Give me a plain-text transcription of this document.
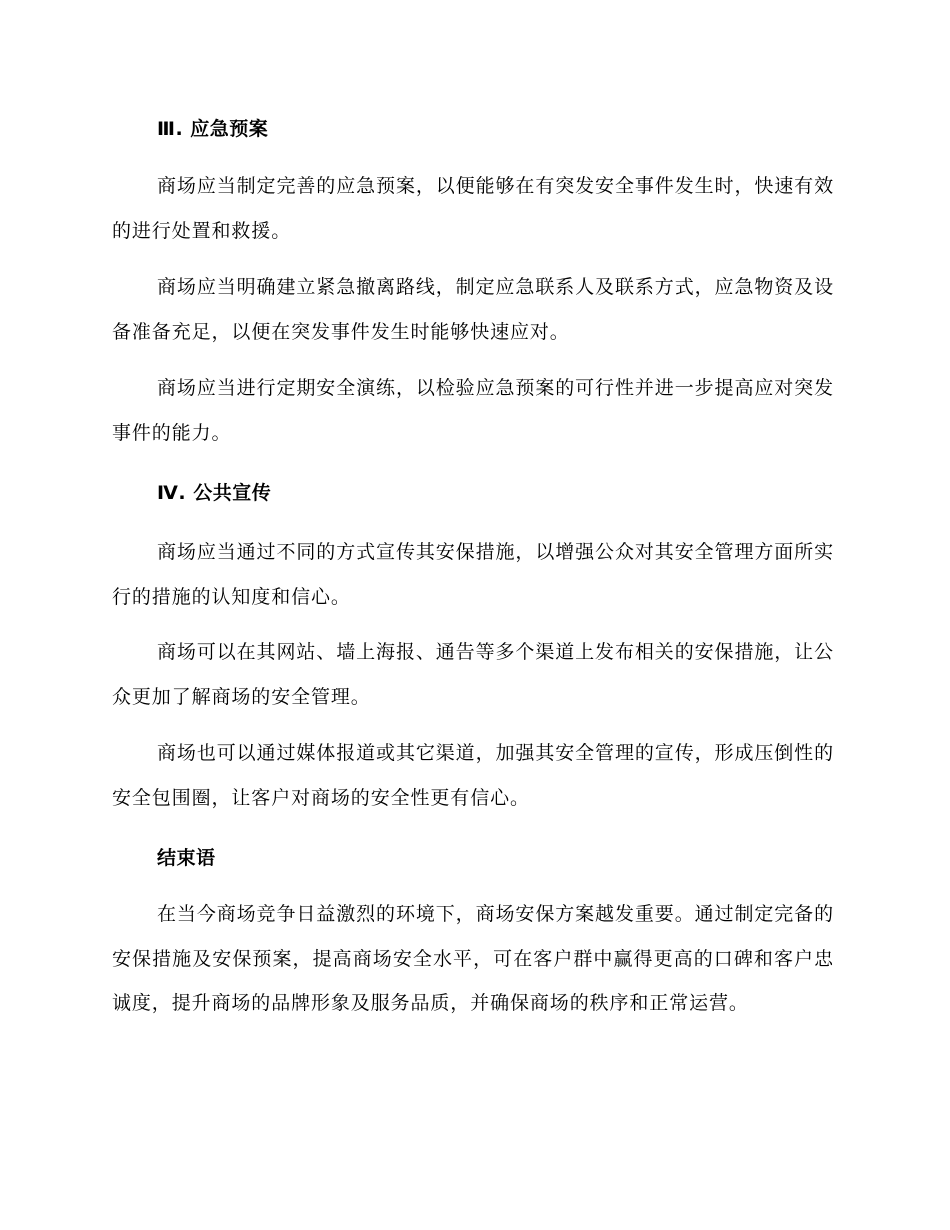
Ⅲ. 应急预案

商场应当制定完善的应急预案，以便能够在有突发安全事件发生时，快速有效的进行处置和救援。

商场应当明确建立紧急撤离路线，制定应急联系人及联系方式，应急物资及设备准备充足，以便在突发事件发生时能够快速应对。

商场应当进行定期安全演练，以检验应急预案的可行性并进一步提高应对突发事件的能力。

Ⅳ. 公共宣传

商场应当通过不同的方式宣传其安保措施，以增强公众对其安全管理方面所实行的措施的认知度和信心。

商场可以在其网站、墙上海报、通告等多个渠道上发布相关的安保措施，让公众更加了解商场的安全管理。

商场也可以通过媒体报道或其它渠道，加强其安全管理的宣传，形成压倒性的安全包围圈，让客户对商场的安全性更有信心。

结束语

在当今商场竞争日益激烈的环境下，商场安保方案越发重要。通过制定完备的安保措施及安保预案，提高商场安全水平，可在客户群中赢得更高的口碑和客户忠诚度，提升商场的品牌形象及服务品质，并确保商场的秩序和正常运营。
